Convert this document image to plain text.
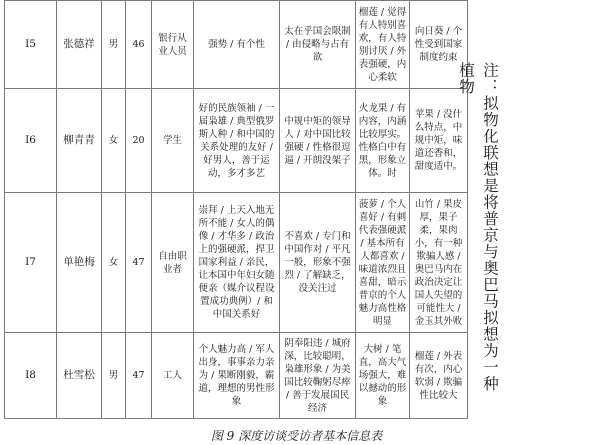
I5	张德祥	男	46	银行从业人员	强势 / 有个性	太在乎国会限制 / 由侵略与占有欲	榴莲 / 觉得有人特别喜欢，有人特别讨厌 / 外表强硬，内心柔软	向日葵 / 个性受到国家制度约束
I6	柳青青	女	20	学生	好的民族领袖 / 一届枭雄 / 典型俄罗斯人种 / 和中国的关系处理的友好 / 好男人，善于运动，多才多艺	中规中矩的领导人 / 对中国比较强硬 / 性格很逗逼 / 开朗没架子	火龙果 / 有内容，内涵比较厚实。性格白中有黑，形象立体。时	苹果 / 没什么特点，中规中矩，味道还香和，甜度适中。
I7	单艳梅	女	47	自由职业者	崇拜 / 上天入地无所不能 / 女人的偶像 / 才华多 / 政治上的强硬派，捍卫国家利益 / 亲民，让本国中年妇女随便亲（媒介议程设置成功典例）/ 和中国关系好	不喜欢 / 专门和中国作对 / 平凡一般，形象不强烈 / 了解缺乏，没关注过	菠萝 / 个人喜好 / 有刺代表强硬派 / 基本所有人都喜欢 / 味道浓烈且喜甜，暗示普京的个人魅力高性格明显	山竹 / 果皮厚，果子柔，果肉小，有一种欺骗人感 / 奥巴马内在政治决定让国人失望的可能性大 / 金玉其外败
I8	杜雪松	男	47	工人	个人魅力高 / 军人出身，事事亲力亲为 / 果断刚毅，霸道，理想的男性形象	阴奉阳违 / 城府深，比较聪明，枭雄形象 / 为美国比较鞠躬尽瘁 / 善于发展国民经济	大树 / 笔直，高大气场强大，难以撼动的形象	榴莲 / 外表有次，内心软弱 / 欺骗性比较大
注：拟物化联想是将普京与奥巴马拟想为一种植物
图 9 深度访谈受访者基本信息表
